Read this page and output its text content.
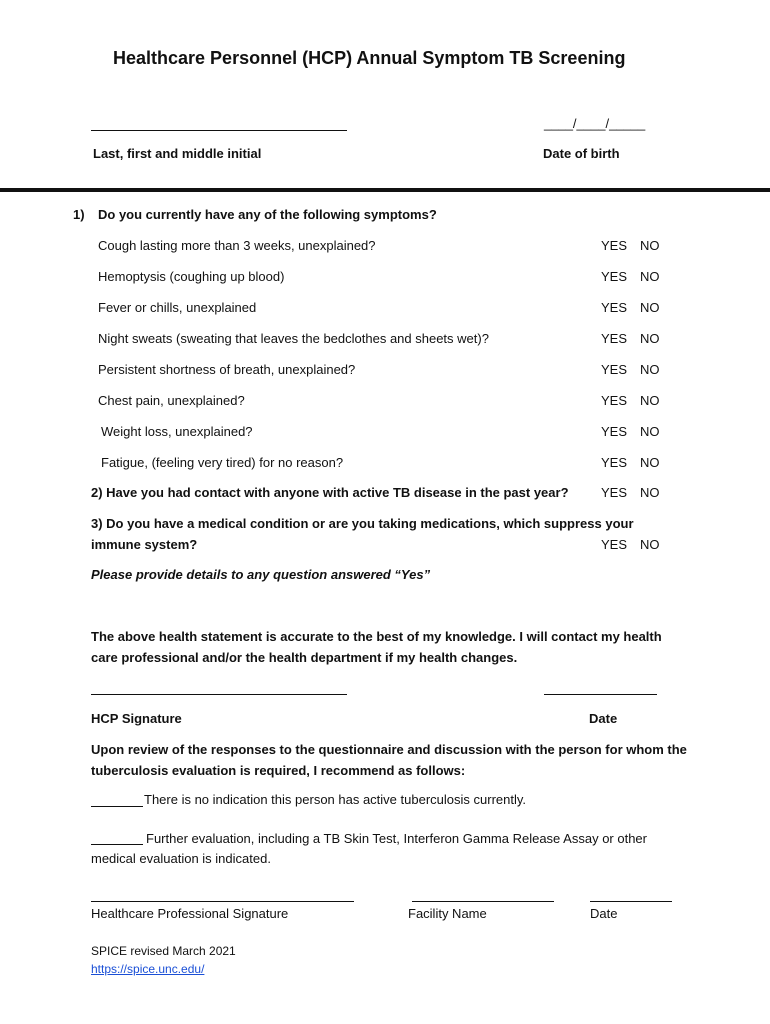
Healthcare Personnel (HCP) Annual Symptom TB Screening
____/____/_____
Last, first and middle initial	Date of birth
1) Do you currently have any of the following symptoms?
Cough lasting more than 3 weeks, unexplained?	YES NO
Hemoptysis (coughing up blood)	YES NO
Fever or chills, unexplained	YES NO
Night sweats (sweating that leaves the bedclothes and sheets wet)?	YES NO
Persistent shortness of breath, unexplained?	YES NO
Chest pain, unexplained?	YES NO
Weight loss, unexplained?	YES NO
Fatigue, (feeling very tired) for no reason?	YES NO
2) Have you had contact with anyone with active TB disease in the past year? YES NO
3) Do you have a medical condition or are you taking medications, which suppress your
immune system?	YES NO
Please provide details to any question answered “Yes”
The above health statement is accurate to the best of my knowledge. I will contact my health care professional and/or the health department if my health changes.
HCP Signature	Date
Upon review of the responses to the questionnaire and discussion with the person for whom the tuberculosis evaluation is required, I recommend as follows:
There is no indication this person has active tuberculosis currently.
Further evaluation, including a TB Skin Test, Interferon Gamma Release Assay or other medical evaluation is indicated.
Healthcare Professional Signature	Facility Name	Date
SPICE revised March 2021
https://spice.unc.edu/
